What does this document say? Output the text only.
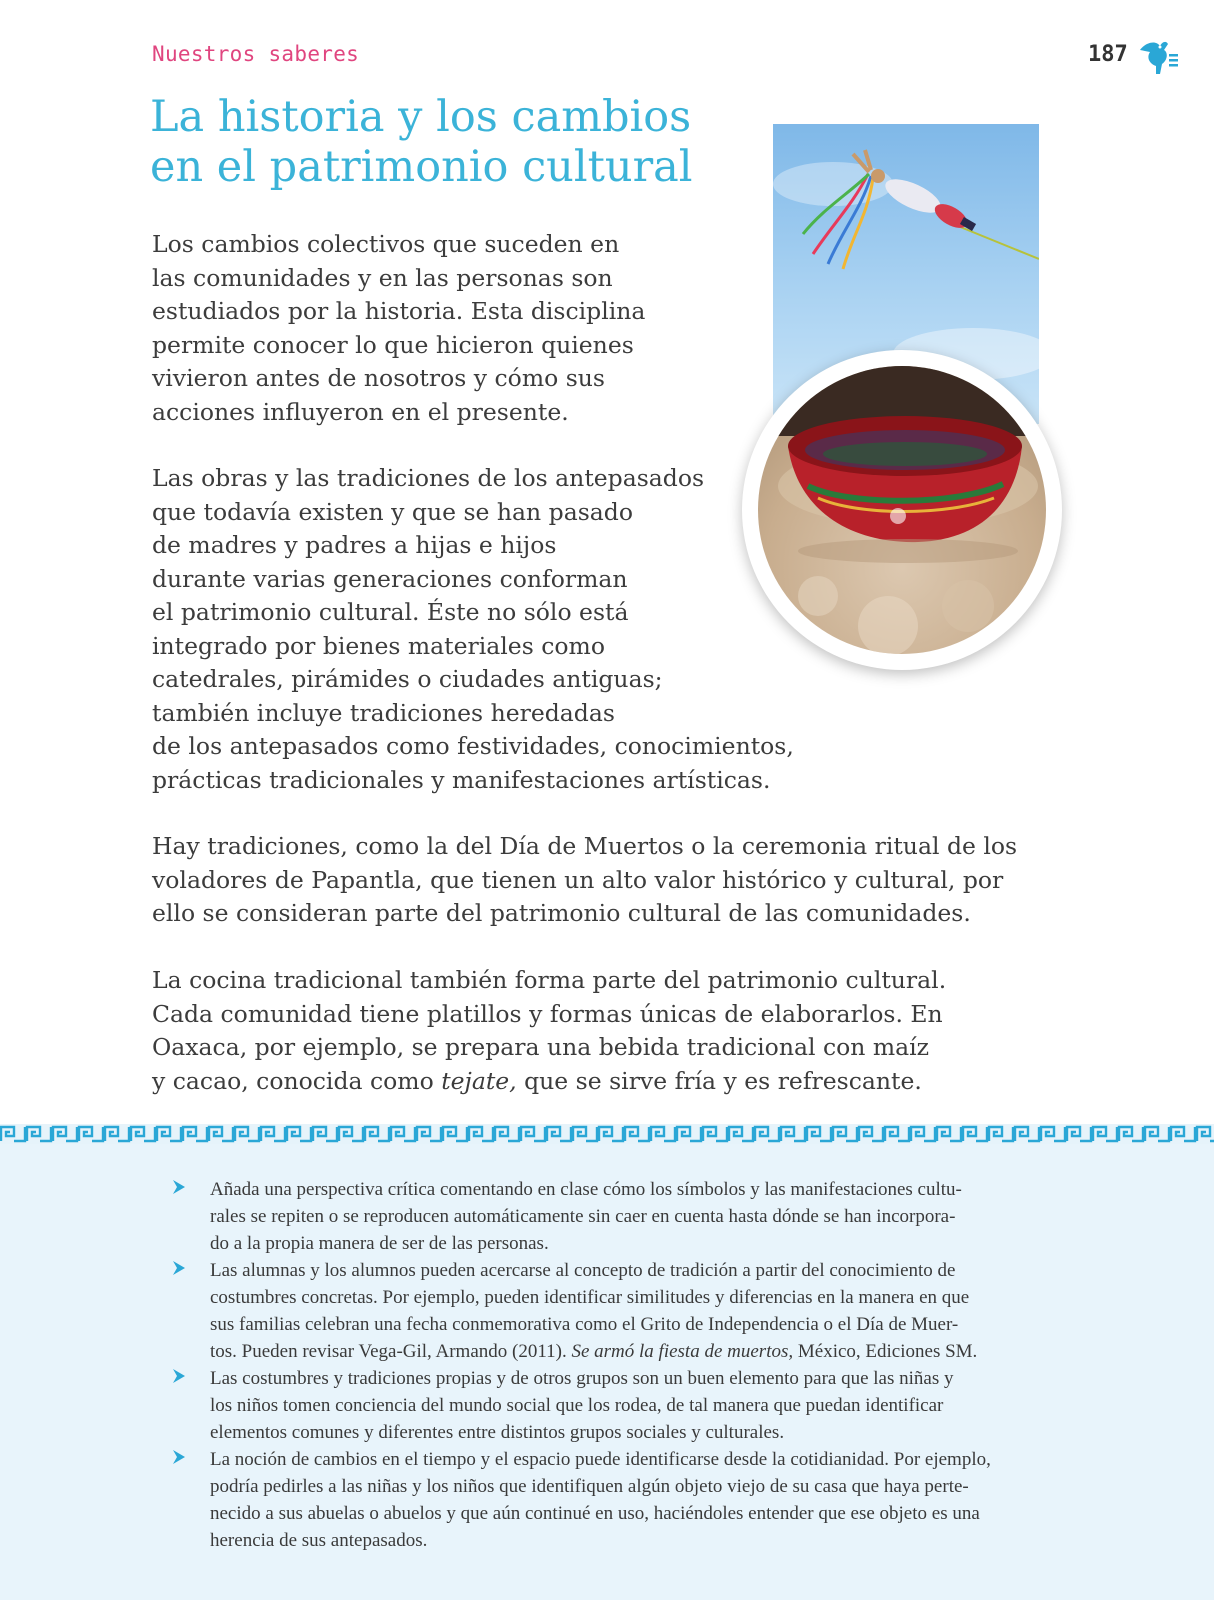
Nuestros saberes	187
La historia y los cambios
en el patrimonio cultural

Los cambios colectivos que suceden en
las comunidades y en las personas son
estudiados por la historia. Esta disciplina
permite conocer lo que hicieron quienes
vivieron antes de nosotros y cómo sus
acciones influyeron en el presente.

Las obras y las tradiciones de los antepasados
que todavía existen y que se han pasado
de madres y padres a hijas e hijos
durante varias generaciones conforman
el patrimonio cultural. Éste no sólo está
integrado por bienes materiales como
catedrales, pirámides o ciudades antiguas;
también incluye tradiciones heredadas
de los antepasados como festividades, conocimientos,
prácticas tradicionales y manifestaciones artísticas.

Hay tradiciones, como la del Día de Muertos o la ceremonia ritual de los
voladores de Papantla, que tienen un alto valor histórico y cultural, por
ello se consideran parte del patrimonio cultural de las comunidades.

La cocina tradicional también forma parte del patrimonio cultural.
Cada comunidad tiene platillos y formas únicas de elaborarlos. En
Oaxaca, por ejemplo, se prepara una bebida tradicional con maíz
y cacao, conocida como tejate, que se sirve fría y es refrescante.

Añada una perspectiva crítica comentando en clase cómo los símbolos y las manifestaciones cultu-
rales se repiten o se reproducen automáticamente sin caer en cuenta hasta dónde se han incorpora-
do a la propia manera de ser de las personas.
Las alumnas y los alumnos pueden acercarse al concepto de tradición a partir del conocimiento de
costumbres concretas. Por ejemplo, pueden identificar similitudes y diferencias en la manera en que
sus familias celebran una fecha conmemorativa como el Grito de Independencia o el Día de Muer-
tos. Pueden revisar Vega-Gil, Armando (2011). Se armó la fiesta de muertos, México, Ediciones SM.
Las costumbres y tradiciones propias y de otros grupos son un buen elemento para que las niñas y
los niños tomen conciencia del mundo social que los rodea, de tal manera que puedan identificar
elementos comunes y diferentes entre distintos grupos sociales y culturales.
La noción de cambios en el tiempo y el espacio puede identificarse desde la cotidianidad. Por ejemplo,
podría pedirles a las niñas y los niños que identifiquen algún objeto viejo de su casa que haya perte-
necido a sus abuelas o abuelos y que aún continué en uso, haciéndoles entender que ese objeto es una
herencia de sus antepasados.
